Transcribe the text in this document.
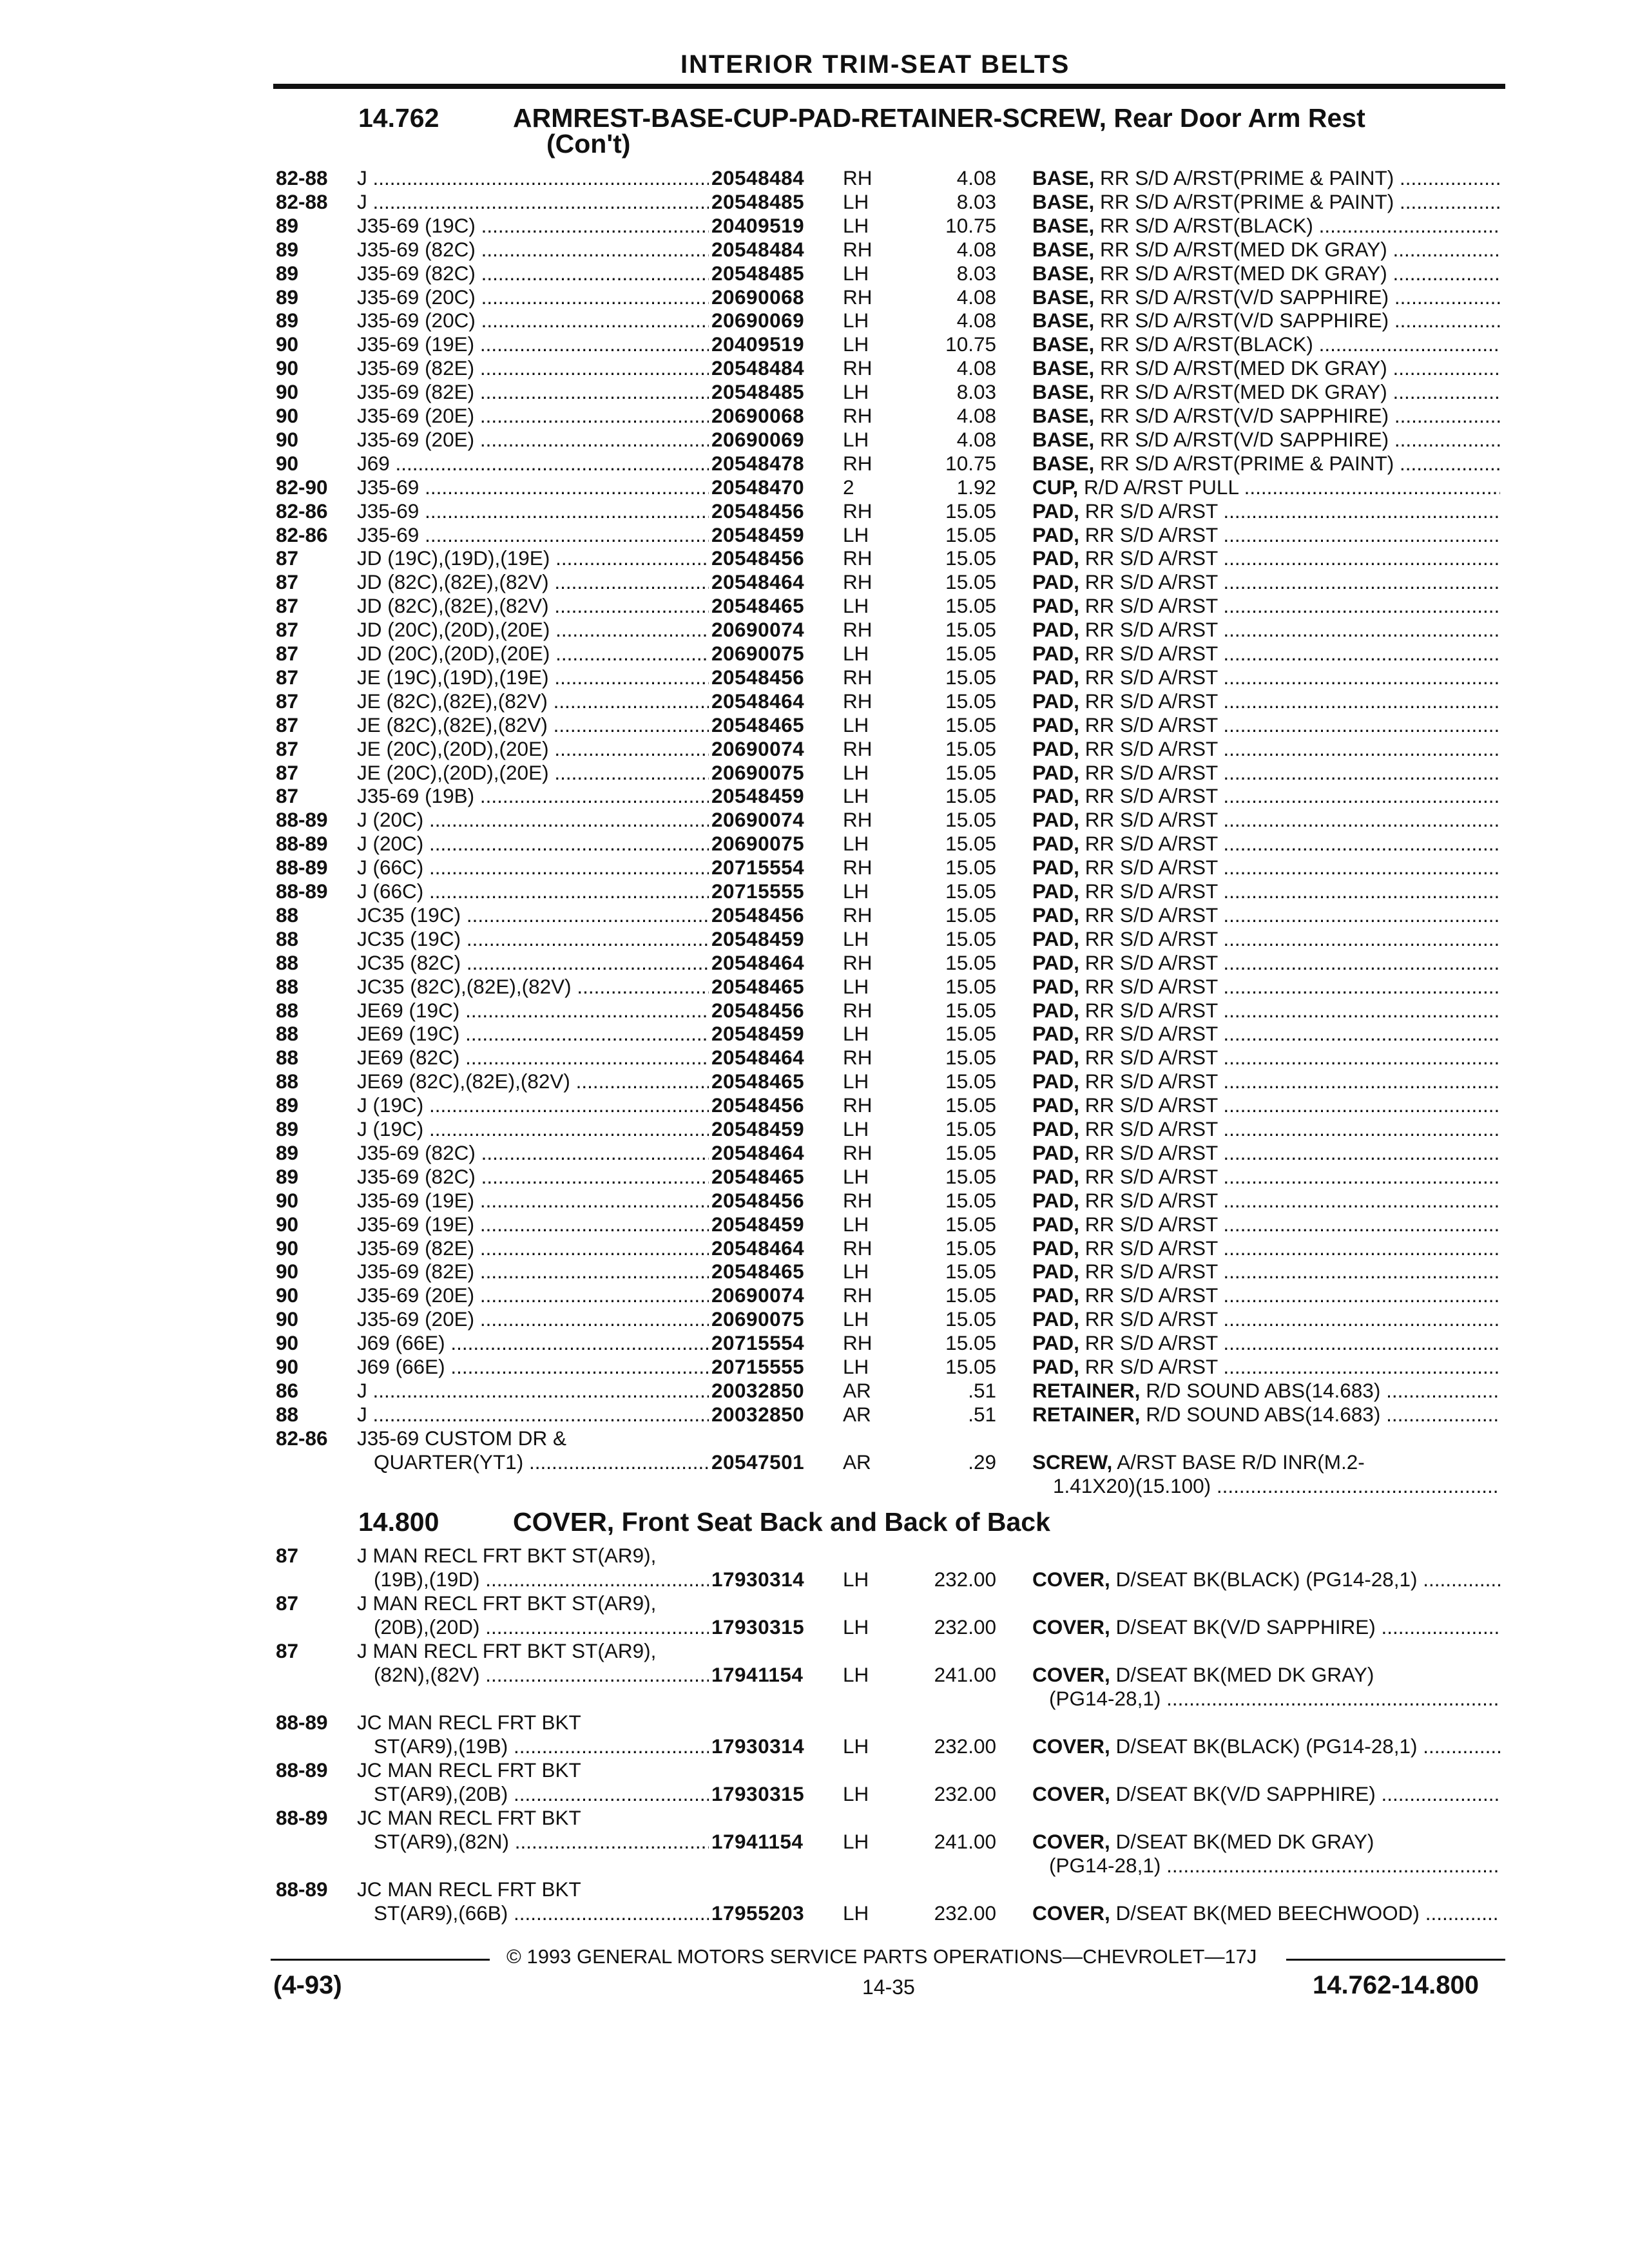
INTERIOR TRIM-SEAT BELTS
14.762	ARMREST-BASE-CUP-PAD-RETAINER-SCREW, Rear Door Arm Rest
(Con't)
82-88 J .....	20548484 RH	4.08 BASE, RR S/D A/RST(PRIME & PAINT) .....
82-88 J .....	20548485 LH	8.03 BASE, RR S/D A/RST(PRIME & PAINT) .....
89	J35-69 (19C) .....	20409519 LH	10.75 BASE, RR S/D A/RST(BLACK) .....
89	J35-69 (82C) .....	20548484 RH	4.08 BASE, RR S/D A/RST(MED DK GRAY) .....
89	J35-69 (82C) .....	20548485 LH	8.03 BASE, RR S/D A/RST(MED DK GRAY) .....
89	J35-69 (20C) .....	20690068 RH	4.08 BASE, RR S/D A/RST(V/D SAPPHIRE) .....
89	J35-69 (20C) .....	20690069 LH	4.08 BASE, RR S/D A/RST(V/D SAPPHIRE) .....
90	J35-69 (19E) .....	20409519 LH	10.75 BASE, RR S/D A/RST(BLACK) .....
90	J35-69 (82E) .....	20548484 RH	4.08 BASE, RR S/D A/RST(MED DK GRAY) .....
90	J35-69 (82E) .....	20548485 LH	8.03 BASE, RR S/D A/RST(MED DK GRAY) .....
90	J35-69 (20E) .....	20690068 RH	4.08 BASE, RR S/D A/RST(V/D SAPPHIRE) .....
90	J35-69 (20E) .....	20690069 LH	4.08 BASE, RR S/D A/RST(V/D SAPPHIRE) .....
90	J69 .....	20548478 RH	10.75 BASE, RR S/D A/RST(PRIME & PAINT) .....
82-90 J35-69 .....	20548470 2	1.92 CUP, R/D A/RST PULL .....
82-86 J35-69 .....	20548456 RH	15.05 PAD, RR S/D A/RST .....
82-86 J35-69 .....	20548459 LH	15.05 PAD, RR S/D A/RST .....
87	JD (19C),(19D),(19E) .....	20548456 RH	15.05 PAD, RR S/D A/RST .....
87	JD (82C),(82E),(82V) .....	20548464 RH	15.05 PAD, RR S/D A/RST .....
87	JD (82C),(82E),(82V) .....	20548465 LH	15.05 PAD, RR S/D A/RST .....
87	JD (20C),(20D),(20E) .....	20690074 RH	15.05 PAD, RR S/D A/RST .....
87	JD (20C),(20D),(20E) .....	20690075 LH	15.05 PAD, RR S/D A/RST .....
87	JE (19C),(19D),(19E) .....	20548456 RH	15.05 PAD, RR S/D A/RST .....
87	JE (82C),(82E),(82V) .....	20548464 RH	15.05 PAD, RR S/D A/RST .....
87	JE (82C),(82E),(82V) .....	20548465 LH	15.05 PAD, RR S/D A/RST .....
87	JE (20C),(20D),(20E) .....	20690074 RH	15.05 PAD, RR S/D A/RST .....
87	JE (20C),(20D),(20E) .....	20690075 LH	15.05 PAD, RR S/D A/RST .....
87	J35-69 (19B) .....	20548459 LH	15.05 PAD, RR S/D A/RST .....
88-89 J (20C) .....	20690074 RH	15.05 PAD, RR S/D A/RST .....
88-89 J (20C) .....	20690075 LH	15.05 PAD, RR S/D A/RST .....
88-89 J (66C) .....	20715554 RH	15.05 PAD, RR S/D A/RST .....
88-89 J (66C) .....	20715555 LH	15.05 PAD, RR S/D A/RST .....
88	JC35 (19C) .....	20548456 RH	15.05 PAD, RR S/D A/RST .....
88	JC35 (19C) .....	20548459 LH	15.05 PAD, RR S/D A/RST .....
88	JC35 (82C) .....	20548464 RH	15.05 PAD, RR S/D A/RST .....
88	JC35 (82C),(82E),(82V) .....	20548465 LH	15.05 PAD, RR S/D A/RST .....
88	JE69 (19C) .....	20548456 RH	15.05 PAD, RR S/D A/RST .....
88	JE69 (19C) .....	20548459 LH	15.05 PAD, RR S/D A/RST .....
88	JE69 (82C) .....	20548464 RH	15.05 PAD, RR S/D A/RST .....
88	JE69 (82C),(82E),(82V) .....	20548465 LH	15.05 PAD, RR S/D A/RST .....
89	J (19C) .....	20548456 RH	15.05 PAD, RR S/D A/RST .....
89	J (19C) .....	20548459 LH	15.05 PAD, RR S/D A/RST .....
89	J35-69 (82C) .....	20548464 RH	15.05 PAD, RR S/D A/RST .....
89	J35-69 (82C) .....	20548465 LH	15.05 PAD, RR S/D A/RST .....
90	J35-69 (19E) .....	20548456 RH	15.05 PAD, RR S/D A/RST .....
90	J35-69 (19E) .....	20548459 LH	15.05 PAD, RR S/D A/RST .....
90	J35-69 (82E) .....	20548464 RH	15.05 PAD, RR S/D A/RST .....
90	J35-69 (82E) .....	20548465 LH	15.05 PAD, RR S/D A/RST .....
90	J35-69 (20E) .....	20690074 RH	15.05 PAD, RR S/D A/RST .....
90	J35-69 (20E) .....	20690075 LH	15.05 PAD, RR S/D A/RST .....
90	J69 (66E) .....	20715554 RH	15.05 PAD, RR S/D A/RST .....
90	J69 (66E) .....	20715555 LH	15.05 PAD, RR S/D A/RST .....
86	J .....	20032850 AR	.51 RETAINER, R/D SOUND ABS(14.683) .....
88	J .....	20032850 AR	.51 RETAINER, R/D SOUND ABS(14.683) .....
82-86 J35-69 CUSTOM DR &
QUARTER(YT1) .....	20547501 AR	.29 SCREW, A/RST BASE R/D INR(M.2-
1.41X20)(15.100) .....
14.800	COVER, Front Seat Back and Back of Back
87	J MAN RECL FRT BKT ST(AR9),
(19B),(19D) .....	17930314 LH	232.00 COVER, D/SEAT BK(BLACK) (PG14-28,1) .....
87	J MAN RECL FRT BKT ST(AR9),
(20B),(20D) .....	17930315 LH	232.00 COVER, D/SEAT BK(V/D SAPPHIRE) .....
87	J MAN RECL FRT BKT ST(AR9),
(82N),(82V) .....	17941154 LH	241.00 COVER, D/SEAT BK(MED DK GRAY)
(PG14-28,1) .....
88-89 JC MAN RECL FRT BKT
ST(AR9),(19B) .....	17930314 LH	232.00 COVER, D/SEAT BK(BLACK) (PG14-28,1) .....
88-89 JC MAN RECL FRT BKT
ST(AR9),(20B) .....	17930315 LH	232.00 COVER, D/SEAT BK(V/D SAPPHIRE) .....
88-89 JC MAN RECL FRT BKT
ST(AR9),(82N) .....	17941154 LH	241.00 COVER, D/SEAT BK(MED DK GRAY)
(PG14-28,1) .....
88-89 JC MAN RECL FRT BKT
ST(AR9),(66B) .....	17955203 LH	232.00 COVER, D/SEAT BK(MED BEECHWOOD) .....
© 1993 GENERAL MOTORS SERVICE PARTS OPERATIONS—CHEVROLET—17J
(4-93)	14-35	14.762-14.800
